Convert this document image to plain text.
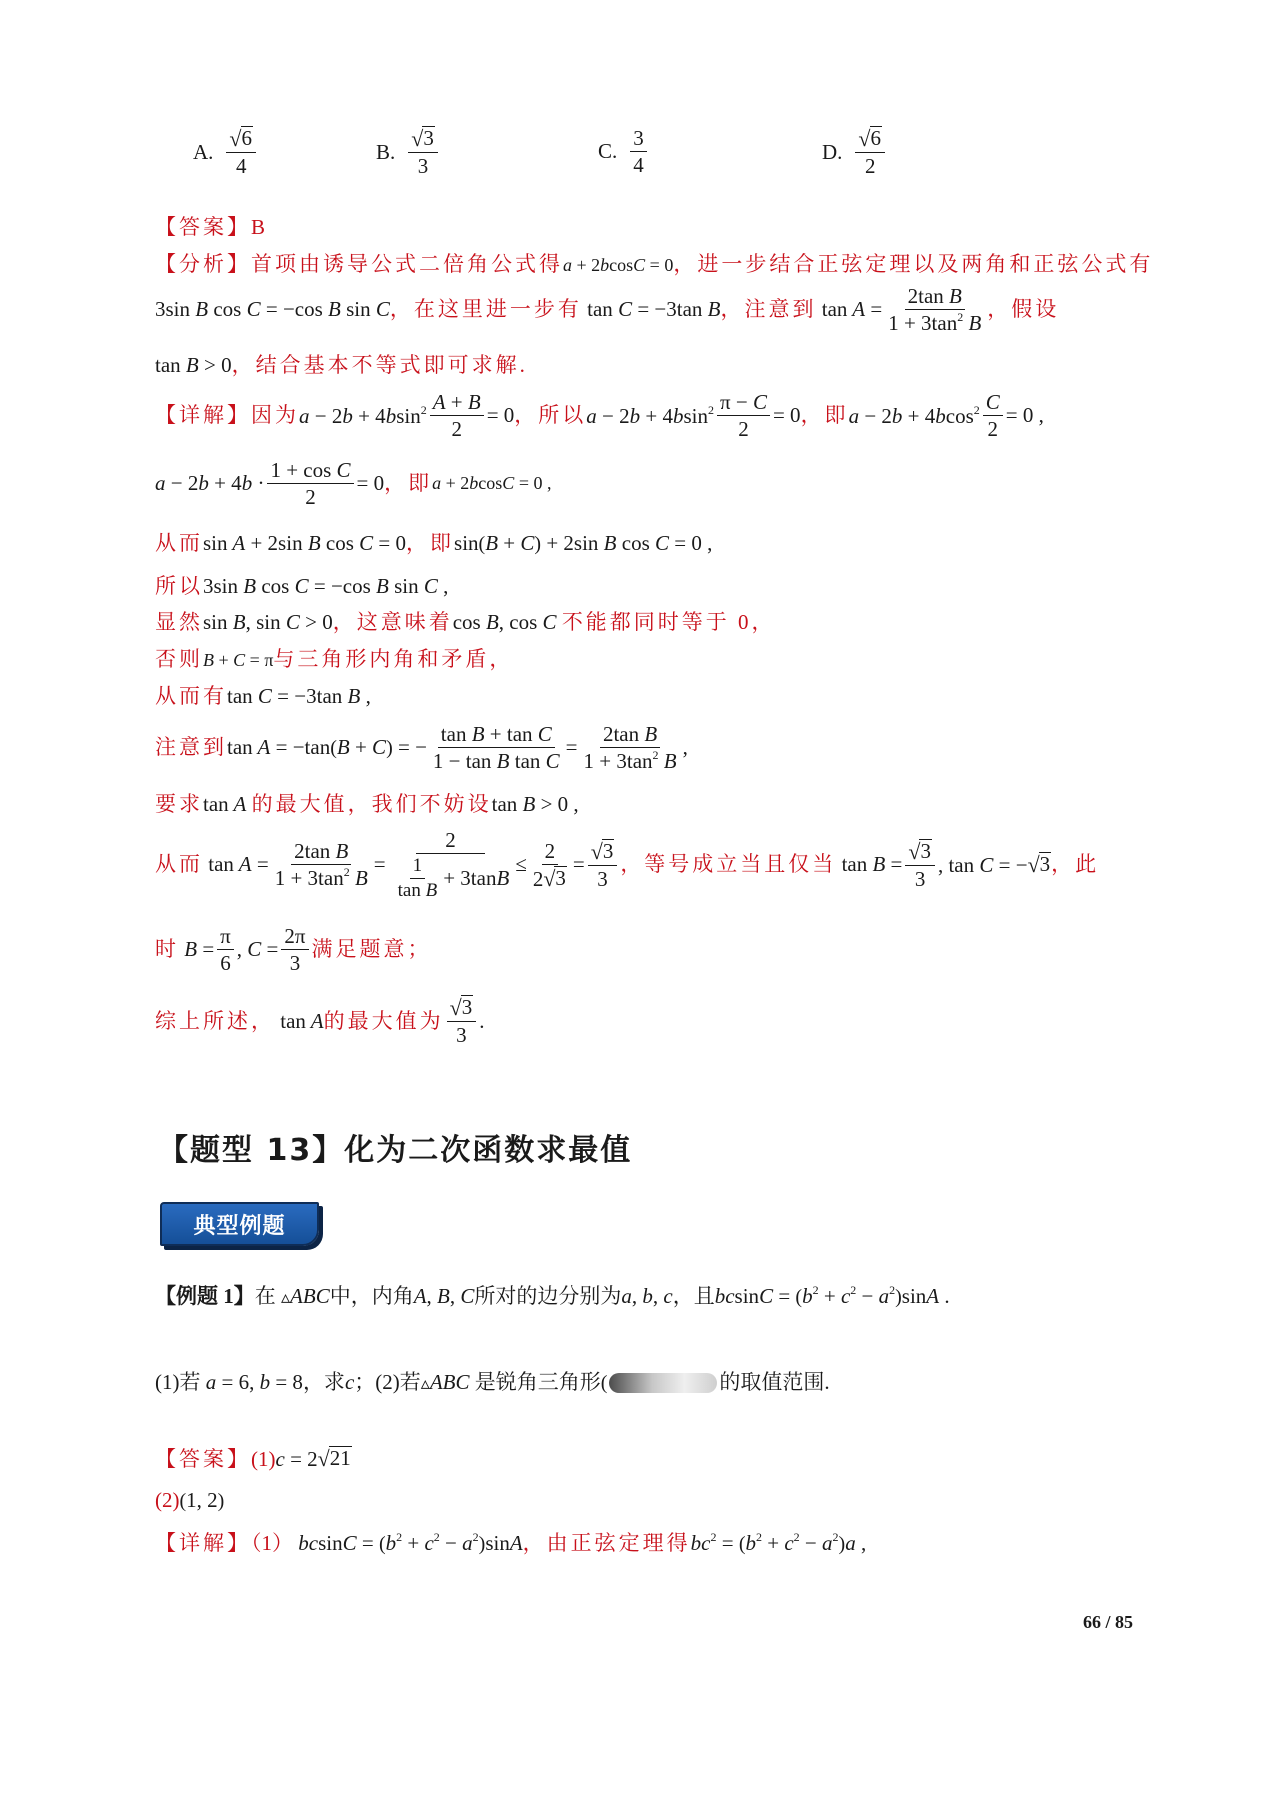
A. $\frac{√ 6}{4}$	B. $\frac{√ 3}{3}$	C. $\frac{3}{4}$	D. $\frac{√ 6}{2}$
【答案】B
【分析】首项由诱导公式二倍角公式得a + 2bcosC = 0，进一步结合正弦定理以及两角和正弦公式有
3sin B cos C = −cos B sin C ，在这里进一步有 tan C = −3tan B ，注意到 $\tan A = \frac{\text{2tan B}}{1 + 3\tan^2 B}$ ，假设
tan B > 0，结合基本不等式即可求解.
【详解】 因为 $a - 2b + 4bsin^2 \frac{A + B}{2} = 0$ ，所以 $a - 2b + 4bsin^2 \frac{\pi - C}{2} = 0$ ，即 $a - 2b + 4bcos^2 \frac{C}{2} = 0$ ,
$a - 2b + 4b \cdot \frac{\text{1 + cos C}}{2} = 0$ ，即 a + 2bcosC = 0 ,
从而sin A + 2sin B cos C = 0，即sin(B + C) + 2sin B cos C = 0 ,
所以3sin B cos C = −cos B sin C ,
显然sin B, sin C > 0，这意味着cos B, cos C 不能都同时等于 0，
否则B + C = π与三角形内角和矛盾，
从而有tan C = −3tan B ,
注意到 tan A = −tan(B + C) = − $\frac{\text{tan B + tan C}}{\text{1 − tan B tan C}} = \frac{\text{2tan B}}{1 + 3\tan^2 B}$ ,
要求tan A 的最大值，我们不妨设tan B > 0 ,
从而 $\tan A = \frac{\text{2tan B}}{1 + 3\tan^2 B} = \frac{2}{\frac{1}{\text{tan B}} + 3\tan B} \le \frac{2}{2 √ 3} = \frac{√ 3}{3}$ ，等号成立当且仅当 $\tan B = \frac{√ 3}{3}$ , tan C = − √ 3 ，此
时 $B = \frac{\pi}{6}$ , $C = \frac{2\pi}{3}$ 满足题意；
综上所述， tan A 的最大值为 $\frac{√ 3}{3}$ .
【题型 13】化为二次函数求最值
典型例题
【例题 1】在 ▵ABC中，内角A, B, C所对的边分别为a, b, c，且$bcsinC = (b^2 + c^2 - a^2)\sin A$ .
(1)若 a = 6, b = 8 ，求 c ；(2)若 ▵ABC 是锐角三角形 (	的取值范围.
【答案】(1)c = 2 √ 21
(2)(1, 2)
【详解】（1） $bcsinC = (b^2 + c^2 - a^2)\sin A$，由正弦定理得$bc^2 = (b^2 + c^2 - a^2)a$ ,
66 / 85
